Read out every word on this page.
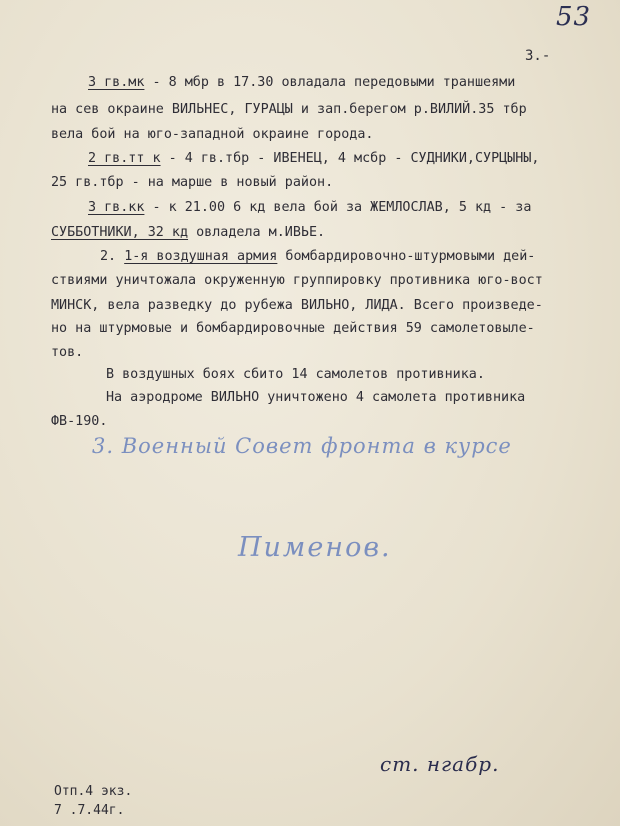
53
3.-
3 гв.мк - 8 мбр в 17.30 овладала передовыми траншеями
на сев окраине ВИЛЬНЕС, ГУРАЦЫ и зап.берегом р.ВИЛИЙ.35 тбр
вела бой на юго-западной окраине города.
2 гв.тт к - 4 гв.тбр - ИВЕНЕЦ, 4 мсбр - СУДНИКИ,СУРЦЫНЫ,
25 гв.тбр - на марше в новый район.
3 гв.кк - к 21.00 6 кд вела бой за ЖЕМЛОСЛАВ, 5 кд - за
СУББОТНИКИ, 32 кд овладела м.ИВЬЕ.
2. 1-я воздушная армия бомбардировочно-штурмовыми дей-
ствиями уничтожала окруженную группировку противника юго-вост
МИНСК, вела разведку до рубежа ВИЛЬНО, ЛИДА. Всего произведе-
но на штурмовые и бомбардировочные действия 59 самолетовылe-
тов.
В воздушных боях сбито 14 самолетов противника.
На аэродроме ВИЛЬНО уничтожено 4 самолета противника
ФВ-190.
3. Военный Совет фронта в курсе
Пименов.
ст. нгабр.
Отп.4 экз.
7 .7.44г.
